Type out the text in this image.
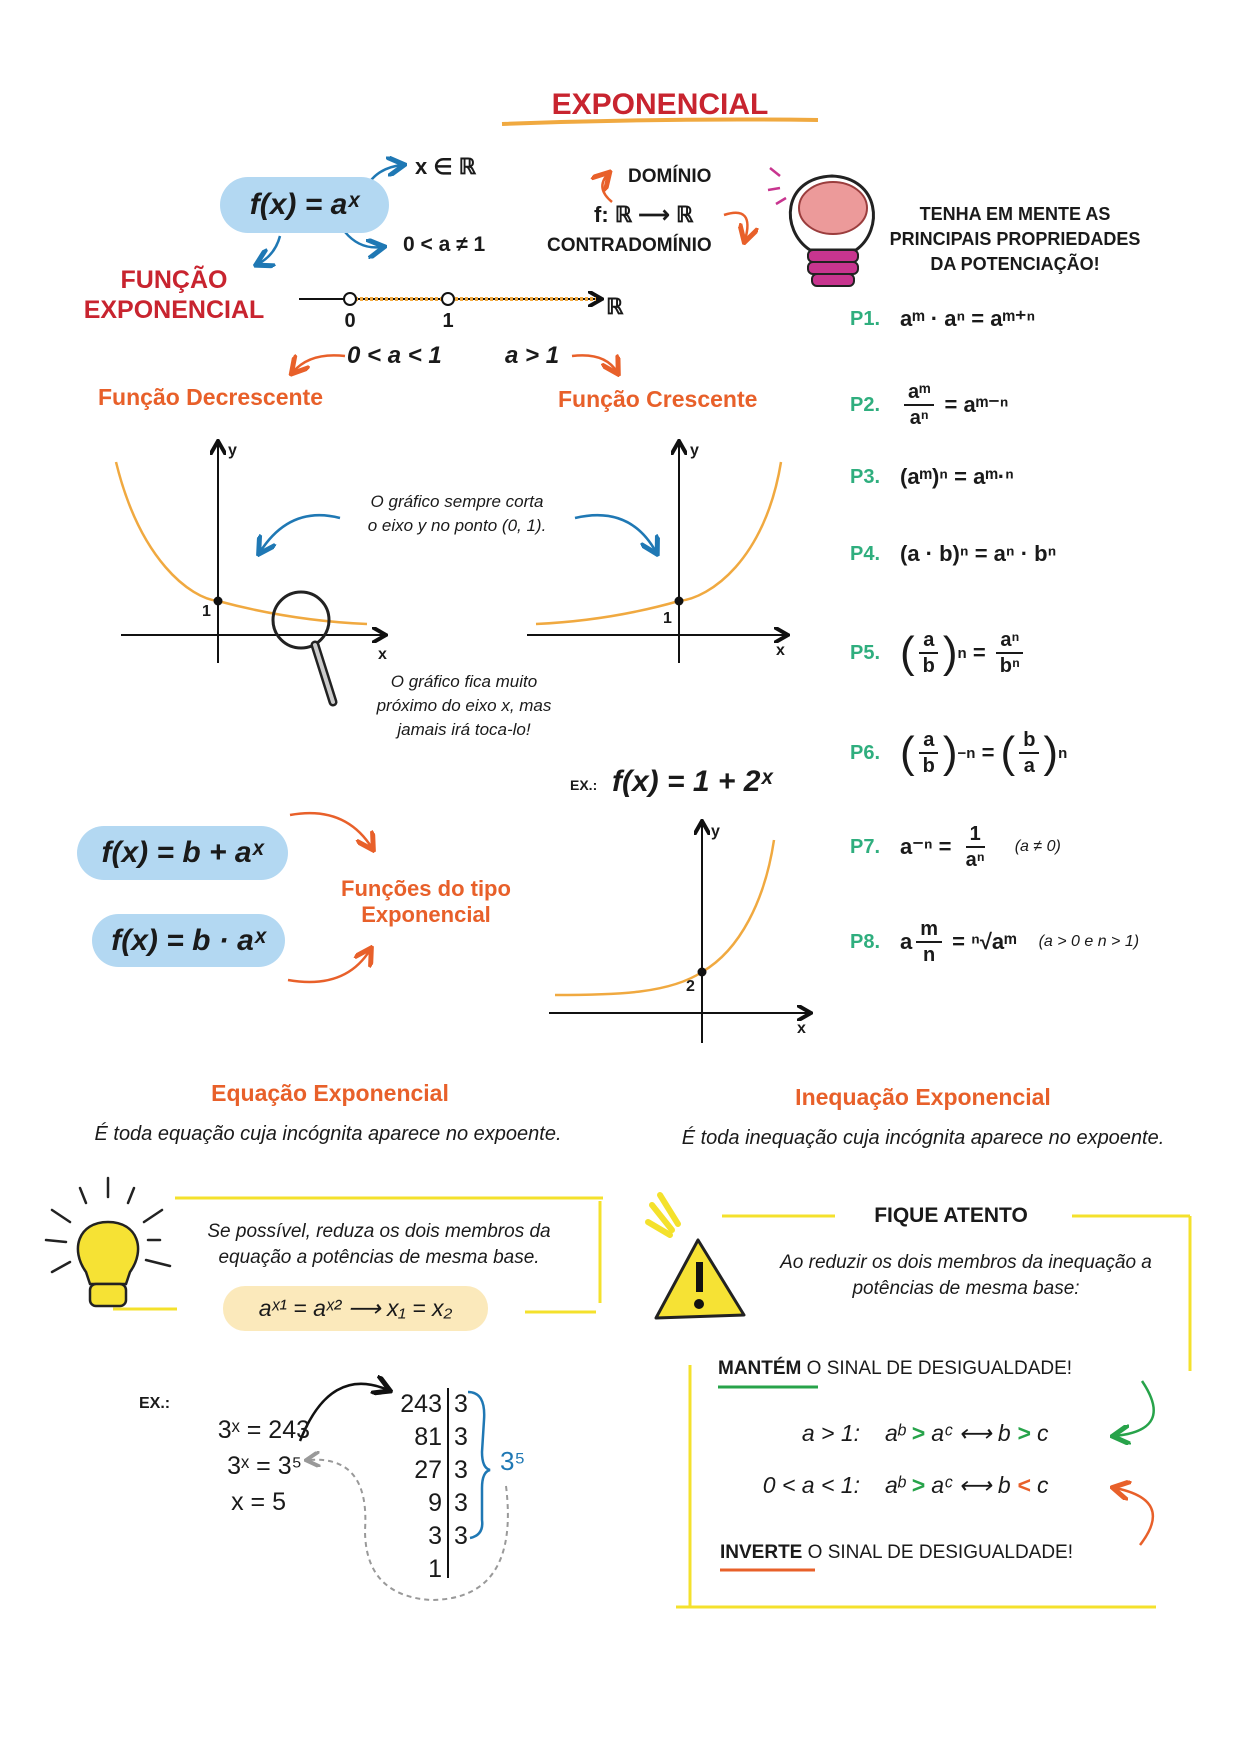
EXPONENCIAL
f(x) = aˣ
x ∈ ℝ
0 < a ≠ 1
FUNÇÃO
EXPONENCIAL	0	1
ℝ
0 < a < 1	a > 1
Função Decrescente	Função Crescente
DOMÍNIO
f: ℝ ⟶ ℝ
CONTRADOMÍNIO
TENHA EM MENTE AS
PRINCIPAIS PROPRIEDADES
DA POTENCIAÇÃO!
P1. aᵐ · aⁿ = aᵐ⁺ⁿ
P2.	$\frac{\text{aᵐ}}{\text{aⁿ}}$ = aᵐ⁻ⁿ
P3. (aᵐ)ⁿ = aᵐ·ⁿ
P4. (a · b)ⁿ = aⁿ · bⁿ
P5. ( $\frac{a}{b}$ ) $n = \frac{\text{aⁿ}}{\text{bⁿ}}$
P6. ( $\frac{a}{b}$ ) −n = ( $\frac{b}{a}$ ) n
P7. $a^{-n} = \frac{1}{\text{aⁿ}} (a \ne 0)$
P8. a $\frac{m}{n}$ = ⁿ√aᵐ (a > 0 e n > 1)
y
x
1
y
x
1
O gráfico sempre corta
o eixo y no ponto (0, 1).
O gráfico fica muito
próximo do eixo x, mas
jamais irá toca-lo!
EX.: f(x) = 1 + 2ˣ
y
x
2
f(x) = b + aˣ
f(x) = b · aˣ
Funções do tipo
Exponencial
Equação Exponencial
É toda equação cuja incógnita aparece no expoente.
Se possível, reduza os dois membros da
equação a potências de mesma base.
aˣ¹ = aˣ² ⟶ x₁ = x₂
EX.:
3ˣ = 243
3ˣ = 3⁵
x = 5
243 3
81 3
27 3
9 3
3 3
1
3⁵
Inequação Exponencial
É toda inequação cuja incógnita aparece no expoente.
FIQUE ATENTO
Ao reduzir os dois membros da inequação a
potências de mesma base:
MANTÉM O SINAL DE DESIGUALDADE!
INVERTE O SINAL DE DESIGUALDADE!
a > 1: aᵇ > aᶜ ⟷ b > c
0 < a < 1: aᵇ > aᶜ ⟷ b < c
